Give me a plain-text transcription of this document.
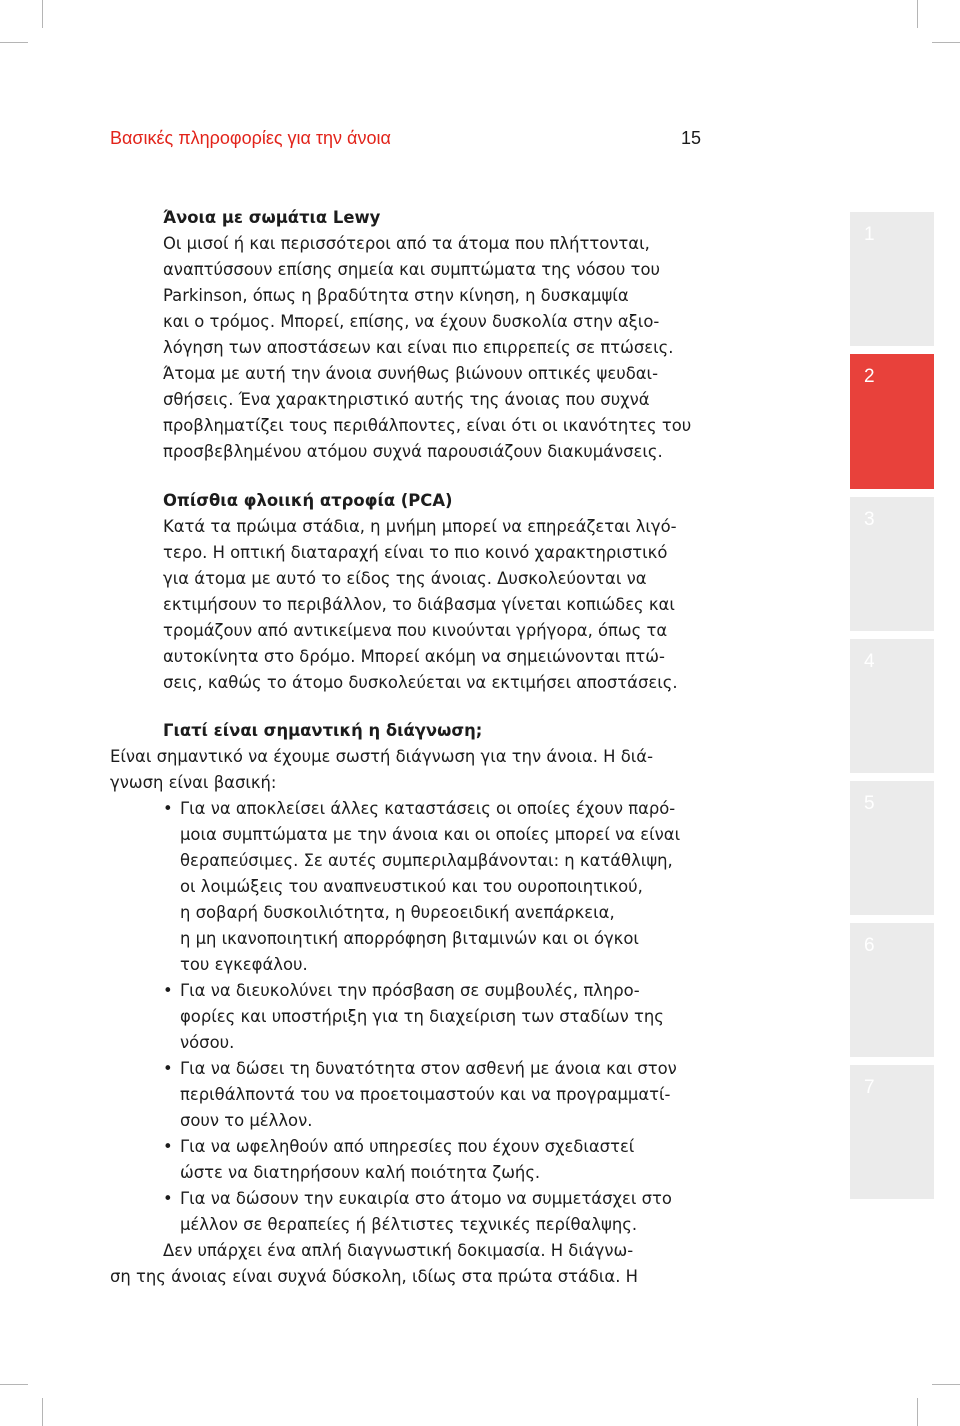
Βασικές πληροφορίες για την άνοια	15
Άνοια με σωμάτια Lewy
Οι μισοί ή και περισσότεροι από τα άτομα που πλήττονται,
αναπτύσσουν επίσης σημεία και συμπτώματα της νόσου του
Parkinson, όπως η βραδύτητα στην κίνηση, η δυσκαμψία
και ο τρόμος. Μπορεί, επίσης, να έχουν δυσκολία στην αξιο-
λόγηση των αποστάσεων και είναι πιο επιρρεπείς σε πτώσεις.
Άτομα με αυτή την άνοια συνήθως βιώνουν οπτικές ψευδαι-
σθήσεις. Ένα χαρακτηριστικό αυτής της άνοιας που συχνά
προβληματίζει τους περιθάλποντες, είναι ότι οι ικανότητες του
προσβεβλημένου ατόμου συχνά παρουσιάζουν διακυμάνσεις.
Οπίσθια φλοιική ατροφία (PCA)
Κατά τα πρώιμα στάδια, η μνήμη μπορεί να επηρεάζεται λιγό-
τερο. Η οπτική διαταραχή είναι το πιο κοινό χαρακτηριστικό
για άτομα με αυτό το είδος της άνοιας. Δυσκολεύονται να
εκτιμήσουν το περιβάλλον, το διάβασμα γίνεται κοπιώδες και
τρομάζουν από αντικείμενα που κινούνται γρήγορα, όπως τα
αυτοκίνητα στο δρόμο. Μπορεί ακόμη να σημειώνονται πτώ-
σεις, καθώς το άτομο δυσκολεύεται να εκτιμήσει αποστάσεις.
Γιατί είναι σημαντική η διάγνωση;
Είναι σημαντικό να έχουμε σωστή διάγνωση για την άνοια. Η διά-
γνωση είναι βασική:
• Για να αποκλείσει άλλες καταστάσεις οι οποίες έχουν παρό-
μοια συμπτώματα με την άνοια και οι οποίες μπορεί να είναι
θεραπεύσιμες. Σε αυτές συμπεριλαμβάνονται: η κατάθλιψη,
οι λοιμώξεις του αναπνευστικού και του ουροποιητικού,
η σοβαρή δυσκοιλιότητα, η θυρεοειδική ανεπάρκεια,
η μη ικανοποιητική απορρόφηση βιταμινών και οι όγκοι
του εγκεφάλου.
• Για να διευκολύνει την πρόσβαση σε συμβουλές, πληρο-
φορίες και υποστήριξη για τη διαχείριση των σταδίων της
νόσου.
• Για να δώσει τη δυνατότητα στον ασθενή με άνοια και στον
περιθάλποντά του να προετοιμαστούν και να προγραμματί-
σουν το μέλλον.
• Για να ωφεληθούν από υπηρεσίες που έχουν σχεδιαστεί
ώστε να διατηρήσουν καλή ποιότητα ζωής.
• Για να δώσουν την ευκαιρία στο άτομο να συμμετάσχει στο
μέλλον σε θεραπείες ή βέλτιστες τεχνικές περίθαλψης.
Δεν υπάρχει ένα απλή διαγνωστική δοκιμασία. Η διάγνω-
ση της άνοιας είναι συχνά δύσκολη, ιδίως στα πρώτα στάδια. Η
1
2
3
4
5
6
7
